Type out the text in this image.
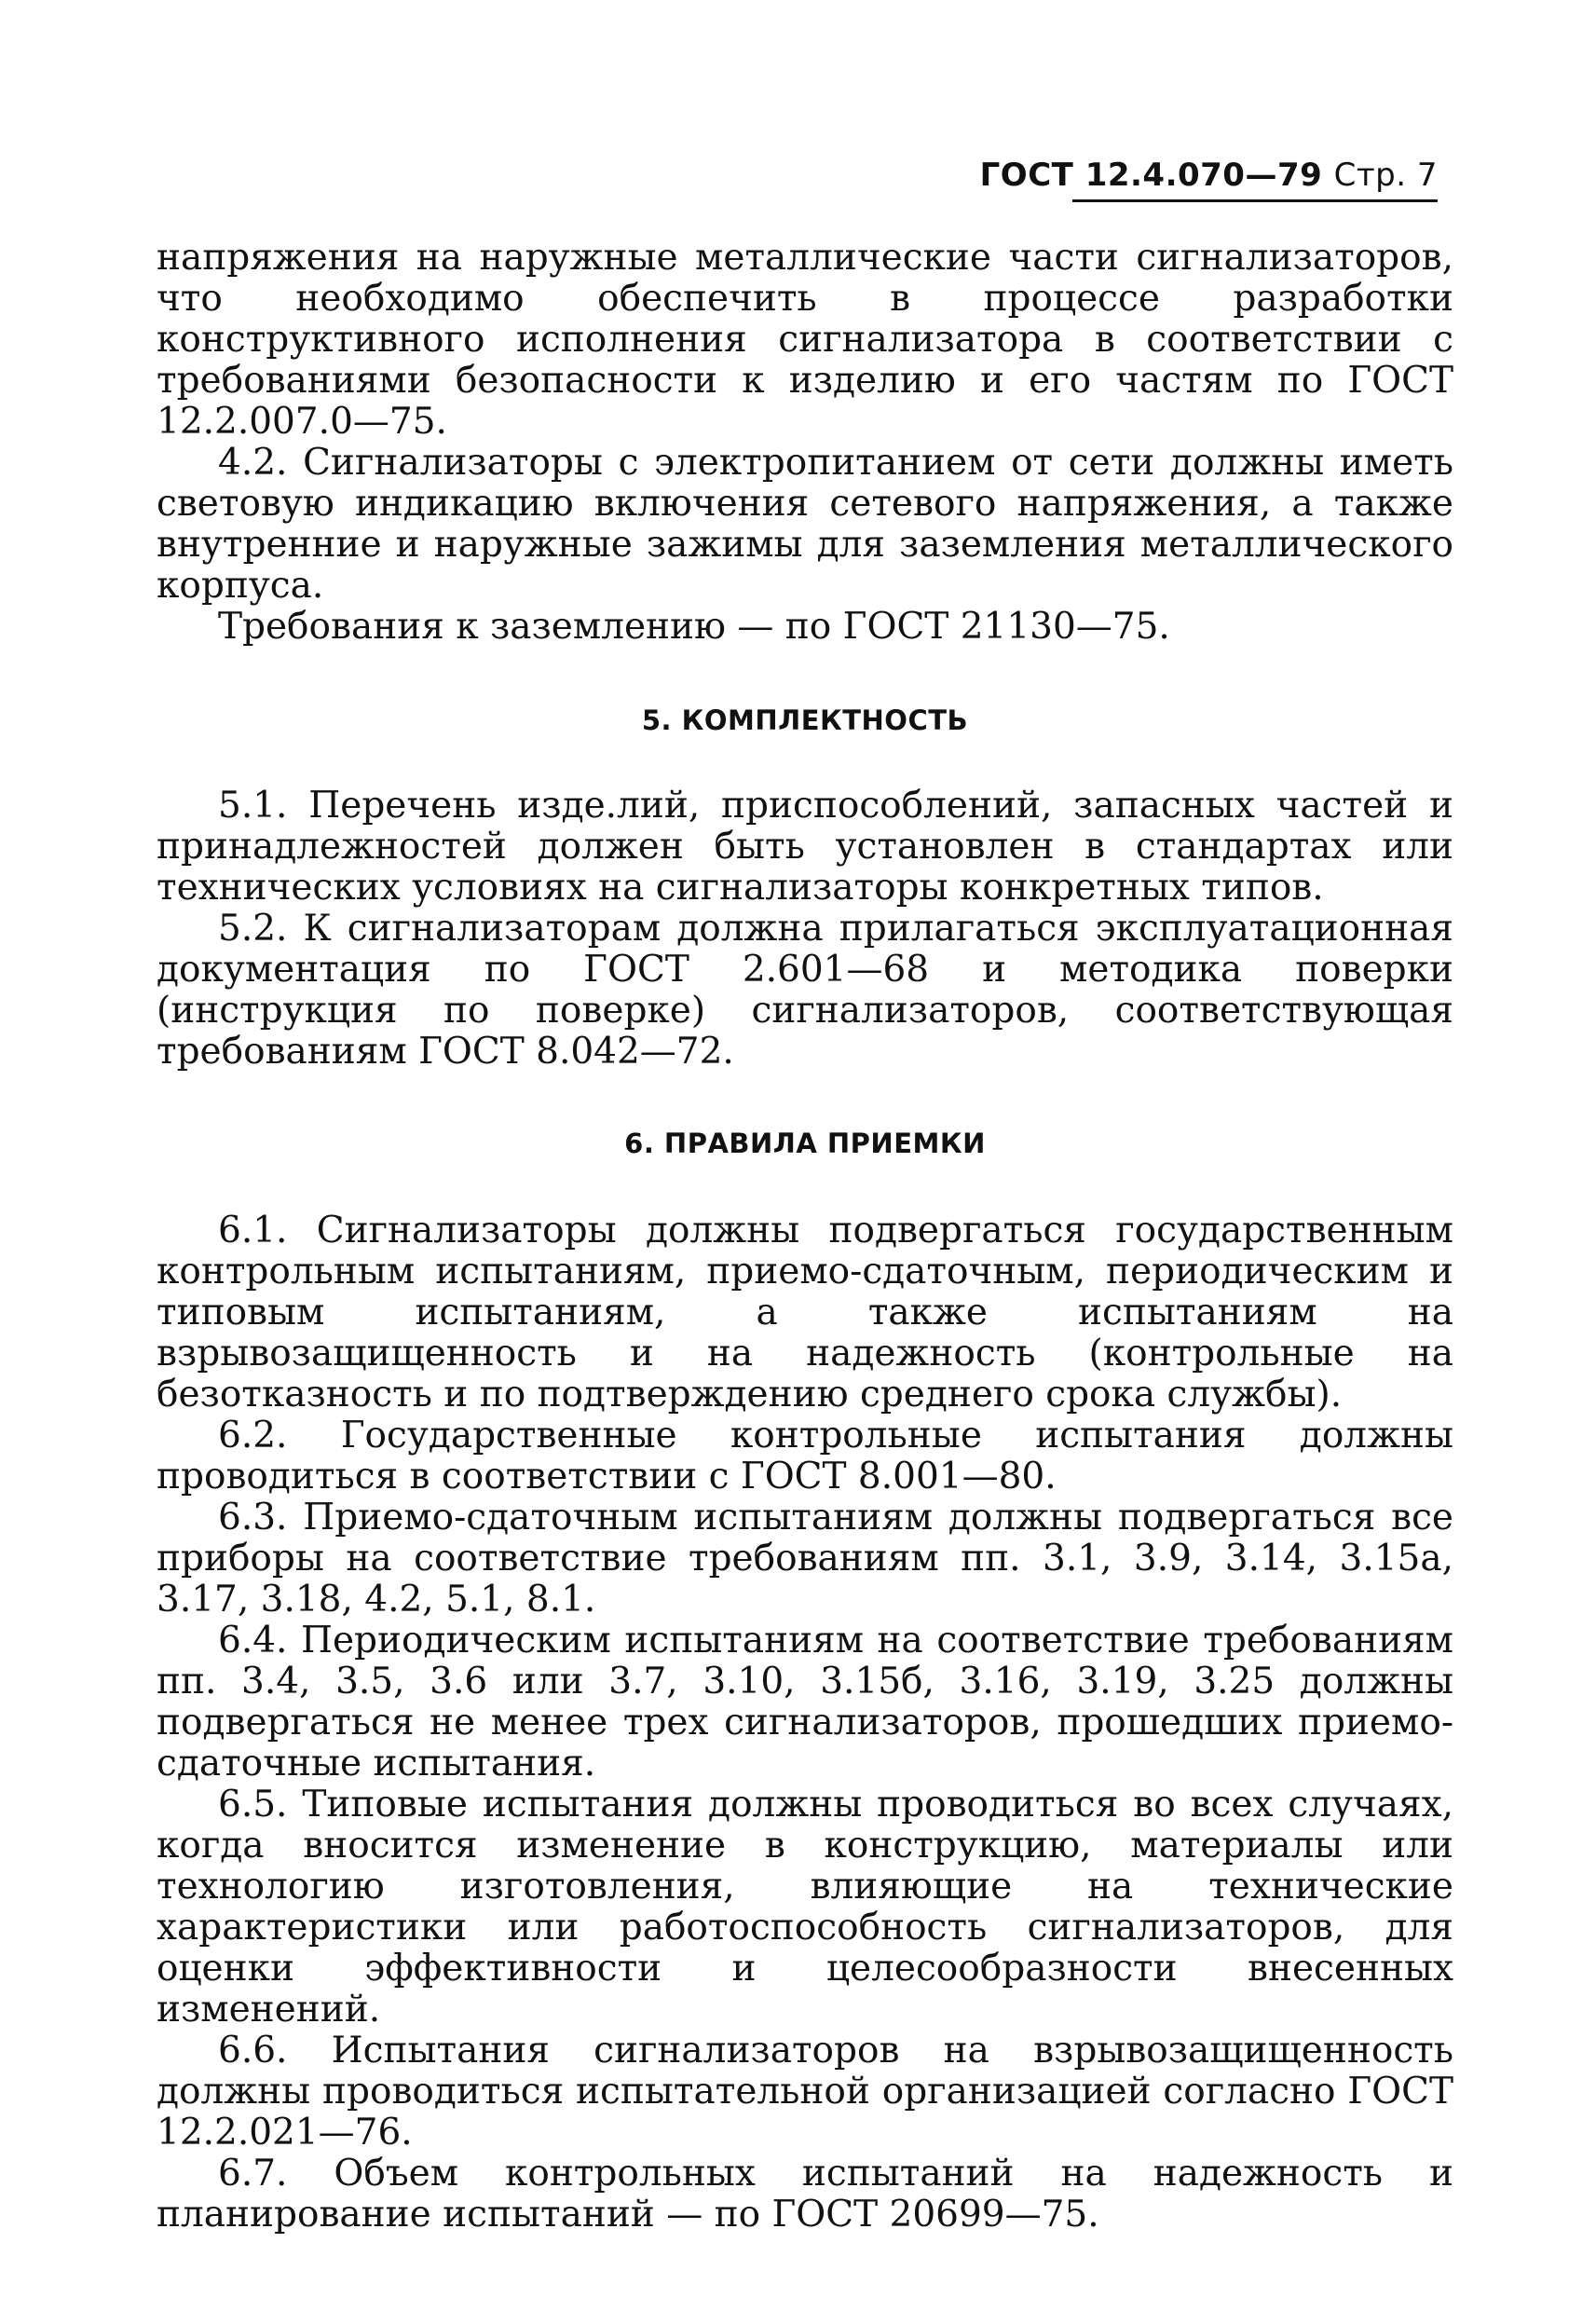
ГОСТ 12.4.070—79 Стр. 7

напряжения на наружные металлические части сигнализаторов, что необходимо обеспечить в процессе разработки конструктивного исполнения сигнализатора в соответствии с требованиями безопасности к изделию и его частям по ГОСТ 12.2.007.0—75.

4.2. Сигнализаторы с электропитанием от сети должны иметь световую индикацию включения сетевого напряжения, а также внутренние и наружные зажимы для заземления металлического корпуса.

Требования к заземлению — по ГОСТ 21130—75.

5. КОМПЛЕКТНОСТЬ

5.1. Перечень изде.лий, приспособлений, запасных частей и принадлежностей должен быть установлен в стандартах или технических условиях на сигнализаторы конкретных типов.

5.2. К сигнализаторам должна прилагаться эксплуатационная документация по ГОСТ 2.601—68 и методика поверки (инструкция по поверке) сигнализаторов, соответствующая требованиям ГОСТ 8.042—72.

6. ПРАВИЛА ПРИЕМКИ

6.1. Сигнализаторы должны подвергаться государственным контрольным испытаниям, приемо-сдаточным, периодическим и типовым испытаниям, а также испытаниям на взрывозащищенность и на надежность (контрольные на безотказность и по подтверждению среднего срока службы).

6.2. Государственные контрольные испытания должны проводиться в соответствии с ГОСТ 8.001—80.

6.3. Приемо-сдаточным испытаниям должны подвергаться все приборы на соответствие требованиям пп. 3.1, 3.9, 3.14, 3.15а, 3.17, 3.18, 4.2, 5.1, 8.1.

6.4. Периодическим испытаниям на соответствие требованиям пп. 3.4, 3.5, 3.6 или 3.7, 3.10, 3.15б, 3.16, 3.19, 3.25 должны подвергаться не менее трех сигнализаторов, прошедших приемо-сдаточные испытания.

6.5. Типовые испытания должны проводиться во всех случаях, когда вносится изменение в конструкцию, материалы или технологию изготовления, влияющие на технические характеристики или работоспособность сигнализаторов, для оценки эффективности и целесообразности внесенных изменений.

6.6. Испытания сигнализаторов на взрывозащищенность должны проводиться испытательной организацией согласно ГОСТ 12.2.021—76.

6.7. Объем контрольных испытаний на надежность и планирование испытаний — по ГОСТ 20699—75.
